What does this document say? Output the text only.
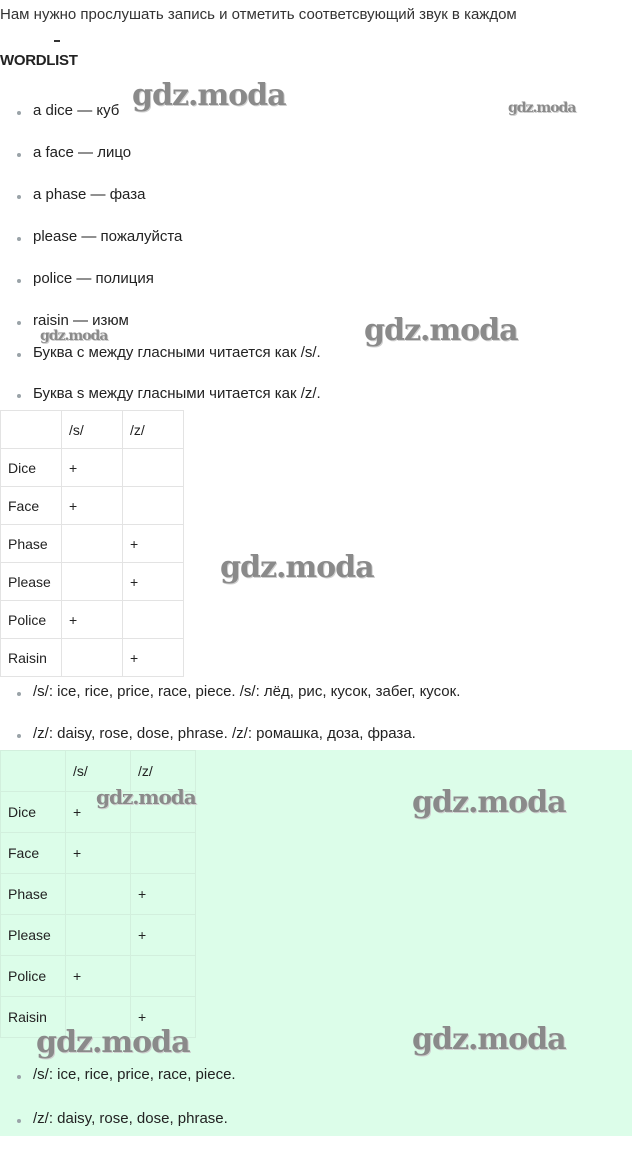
Нам нужно прослушать запись и отметить соответсвующий звук в каждом
WORDLIST
a dice — куб
a face — лицо
a phase — фаза
please — пожалуйста
police — полиция
raisin — изюм
Буква c между гласными читается как /s/.
Буква s между гласными читается как /z/.
	/s/	/z/
Dice	+	
Face	+	
Phase		+
Please		+
Police	+	
Raisin		+
/s/: ice, rice, price, race, piece. /s/: лёд, рис, кусок, забег, кусок.
/z/: daisy, rose, dose, phrase. /z/: ромашка, доза, фраза.
	/s/	/z/
Dice	+	
Face	+	
Phase		+
Please		+
Police	+	
Raisin		+
/s/: ice, rice, price, race, piece.
/z/: daisy, rose, dose, phrase.
gdz.moda	gdz.moda
gdz.moda	gdz.moda
gdz.moda
gdz.moda	gdz.moda
gdz.moda	gdz.moda
